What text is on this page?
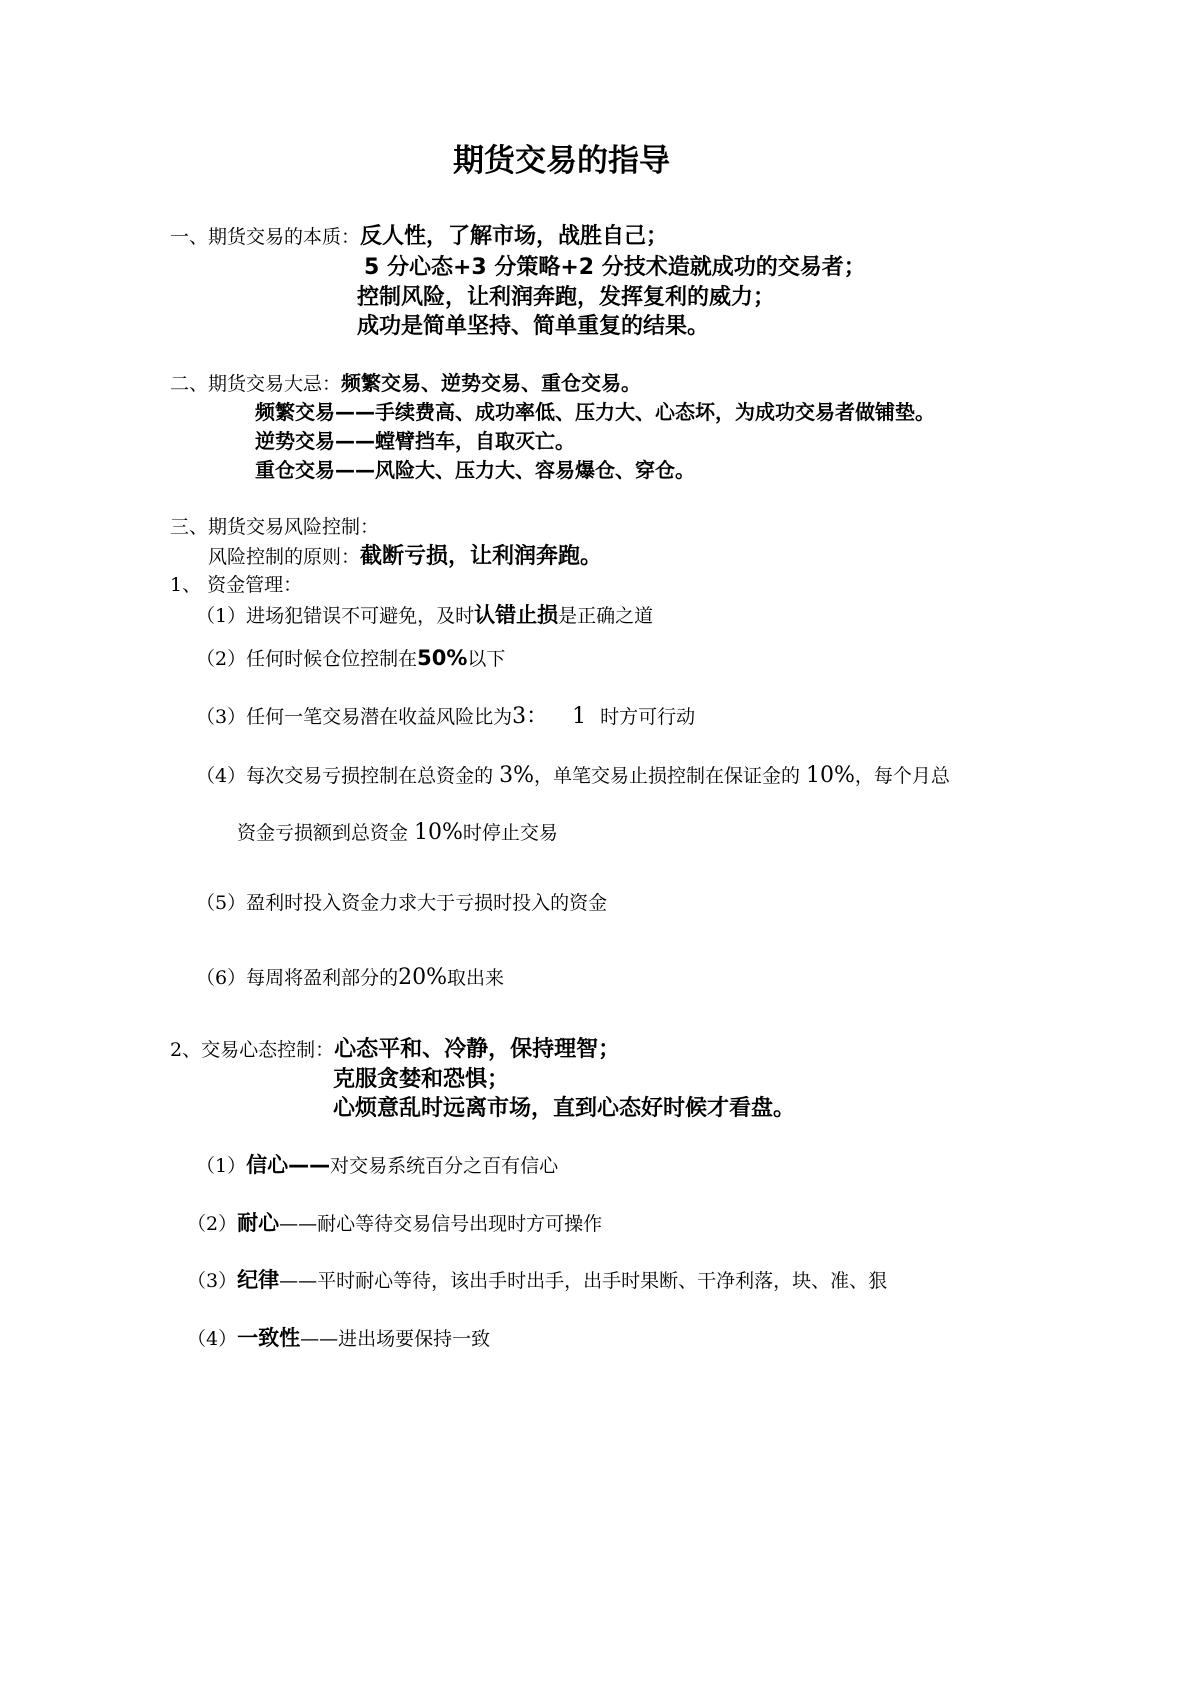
期货交易的指导
一、期货交易的本质：反人性，了解市场，战胜自己；
5 分心态+3 分策略+2 分技术造就成功的交易者；
控制风险，让利润奔跑，发挥复利的威力；
成功是简单坚持、简单重复的结果。
二、期货交易大忌：频繁交易、逆势交易、重仓交易。
频繁交易——手续费高、成功率低、压力大、心态坏，为成功交易者做铺垫。
逆势交易——螳臂挡车，自取灭亡。
重仓交易——风险大、压力大、容易爆仓、穿仓。
三、期货交易风险控制：
风险控制的原则：截断亏损，让利润奔跑。
1、 资金管理：
（1）进场犯错误不可避免，及时认错止损是正确之道
（2）任何时候仓位控制在50%以下
（3）任何一笔交易潜在收益风险比为3： 1 时方可行动
（4）每次交易亏损控制在总资金的 3%，单笔交易止损控制在保证金的 10%，每个月总
资金亏损额到总资金 10%时停止交易
（5）盈利时投入资金力求大于亏损时投入的资金
（6）每周将盈利部分的20%取出来
2、交易心态控制：心态平和、冷静，保持理智；
克服贪婪和恐惧；
心烦意乱时远离市场，直到心态好时候才看盘。
（1）信心——对交易系统百分之百有信心
（2）耐心——耐心等待交易信号出现时方可操作
（3）纪律——平时耐心等待，该出手时出手，出手时果断、干净利落，块、准、狠
（4）一致性——进出场要保持一致
